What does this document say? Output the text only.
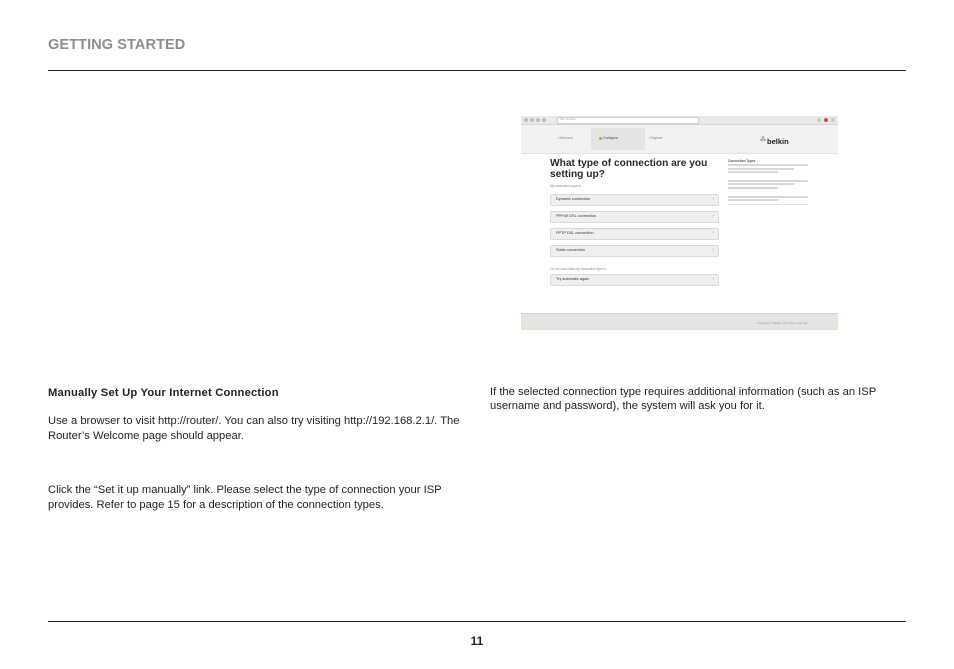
GETTING STARTED
http://router/
› Welcome	Configure	› Register	⁂ belkin
What type of connection are you setting up?
My connection type is:
Dynamic connection	›
PPPoE DSL connection	›
PPTP DSL connection	›
Static connection	›
I’m not sure what my connection type is:
Try automatic again	›
Connection Types
Copyright © Belkin. All rights reserved.

Manually Set Up Your Internet Connection

Use a browser to visit http://router/. You can also try visiting http://192.168.2.1/. The Router’s Welcome page should appear.

Click the “Set it up manually” link. Please select the type of connection your ISP provides. Refer to page 15 for a description of the connection types.

If the selected connection type requires additional information (such as an ISP username and password), the system will ask you for it.

11
